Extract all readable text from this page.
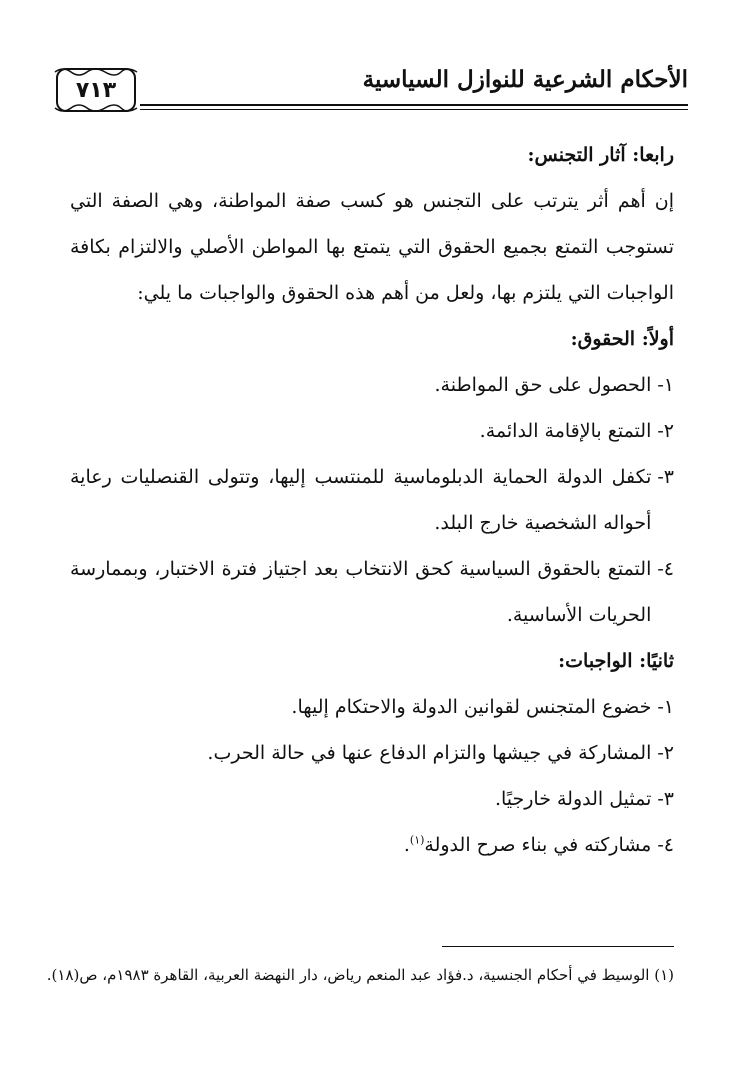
٧١٣	الأحكام الشرعية للنوازل السياسية

رابعا: آثار التجنس:

إن أهم أثر يترتب على التجنس هو كسب صفة المواطنة، وهي الصفة التي تستوجب التمتع بجميع الحقوق التي يتمتع بها المواطن الأصلي والالتزام بكافة الواجبات التي يلتزم بها، ولعل من أهم هذه الحقوق والواجبات ما يلي:

أولاً: الحقوق:

١-
الحصول على حق المواطنة.
٢-
التمتع بالإقامة الدائمة.
٣-
تكفل الدولة الحماية الدبلوماسية للمنتسب إليها، وتتولى القنصليات رعاية أحواله الشخصية خارج البلد.
٤-
التمتع بالحقوق السياسية كحق الانتخاب بعد اجتياز فترة الاختبار، وبممارسة الحريات الأساسية.

ثانيًا: الواجبات:

١-
خضوع المتجنس لقوانين الدولة والاحتكام إليها.
٢-
المشاركة في جيشها والتزام الدفاع عنها في حالة الحرب.
٣-
تمثيل الدولة خارجيًا.
٤-
مشاركته في بناء صرح الدولة$^{(١)}$.
(١) الوسيط في أحكام الجنسية، د.فؤاد عبد المنعم رياض، دار النهضة العربية، القاهرة ١٩٨٣م، ص(١٨).
